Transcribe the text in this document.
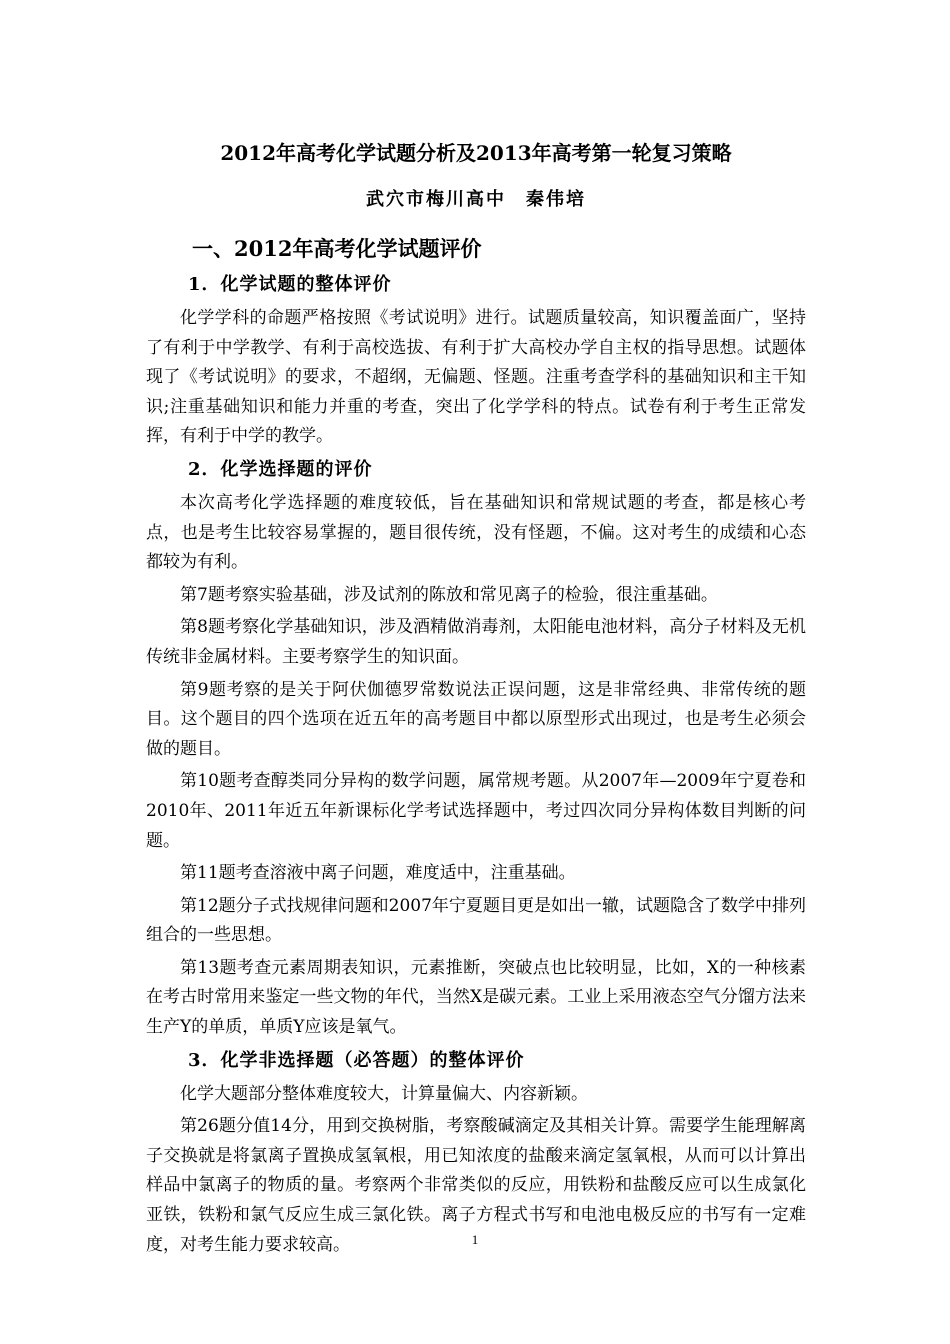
2012年高考化学试题分析及2013年高考第一轮复习策略
武穴市梅川高中　秦伟培
一、2012年高考化学试题评价
1．化学试题的整体评价

化学学科的命题严格按照《考试说明》进行。试题质量较高，知识覆盖面广，坚持了有利于中学教学、有利于高校选拔、有利于扩大高校办学自主权的指导思想。试题体现了《考试说明》的要求，不超纲，无偏题、怪题。注重考查学科的基础知识和主干知识;注重基础知识和能力并重的考查，突出了化学学科的特点。试卷有利于考生正常发挥，有利于中学的教学。

2．化学选择题的评价

本次高考化学选择题的难度较低，旨在基础知识和常规试题的考查，都是核心考点，也是考生比较容易掌握的，题目很传统，没有怪题，不偏。这对考生的成绩和心态都较为有利。

第7题考察实验基础，涉及试剂的陈放和常见离子的检验，很注重基础。

第8题考察化学基础知识，涉及酒精做消毒剂，太阳能电池材料，高分子材料及无机传统非金属材料。主要考察学生的知识面。

第9题考察的是关于阿伏伽德罗常数说法正误问题，这是非常经典、非常传统的题目。这个题目的四个选项在近五年的高考题目中都以原型形式出现过，也是考生必须会做的题目。

第10题考查醇类同分异构的数学问题，属常规考题。从2007年—2009年宁夏卷和2010年、2011年近五年新课标化学考试选择题中，考过四次同分异构体数目判断的问题。

第11题考查溶液中离子问题，难度适中，注重基础。

第12题分子式找规律问题和2007年宁夏题目更是如出一辙，试题隐含了数学中排列组合的一些思想。

第13题考查元素周期表知识，元素推断，突破点也比较明显，比如，X的一种核素在考古时常用来鉴定一些文物的年代，当然X是碳元素。工业上采用液态空气分馏方法来生产Y的单质，单质Y应该是氧气。

3．化学非选择题（必答题）的整体评价

化学大题部分整体难度较大，计算量偏大、内容新颖。

第26题分值14分，用到交换树脂，考察酸碱滴定及其相关计算。需要学生能理解离子交换就是将氯离子置换成氢氧根，用已知浓度的盐酸来滴定氢氧根，从而可以计算出样品中氯离子的物质的量。考察两个非常类似的反应，用铁粉和盐酸反应可以生成氯化亚铁，铁粉和氯气反应生成三氯化铁。离子方程式书写和电池电极反应的书写有一定难度，对考生能力要求较高。	1
